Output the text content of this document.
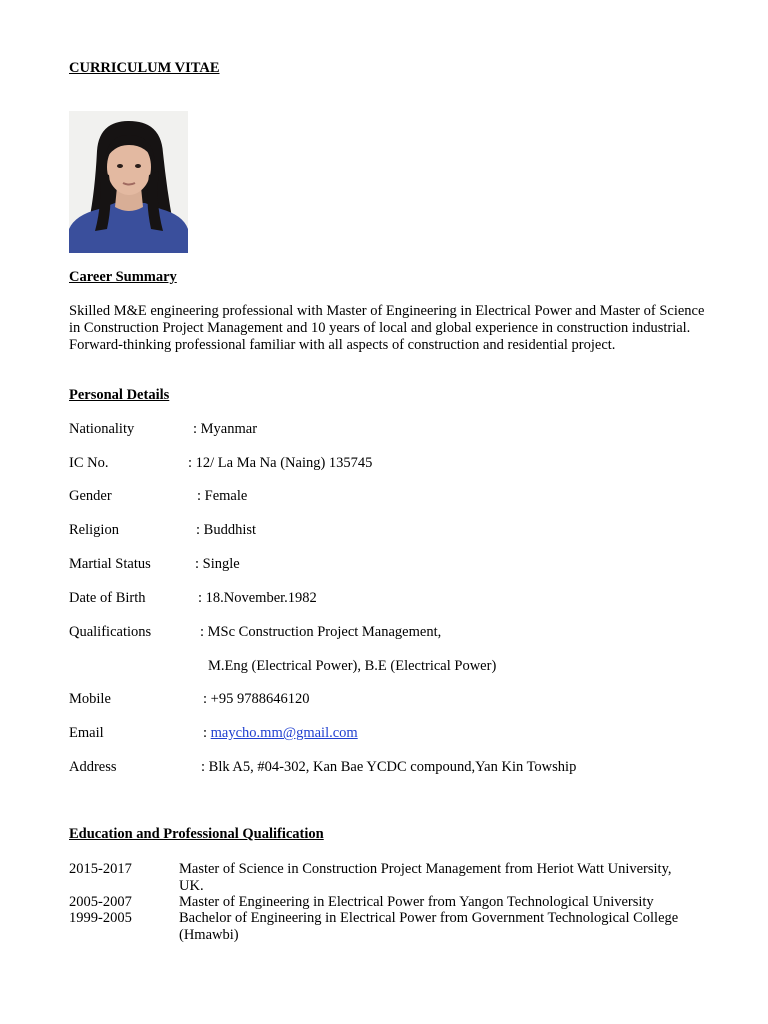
CURRICULUM VITAE
Career Summary
Skilled M&E engineering professional with Master of Engineering in Electrical Power and Master of Science in Construction Project Management and 10 years of local and global experience in construction industrial. Forward-thinking professional familiar with all aspects of construction and residential project.
Personal Details
Nationality	: Myanmar
IC No.	: 12/ La Ma Na (Naing) 135745
Gender	: Female
Religion	: Buddhist
Martial Status	: Single
Date of Birth	: 18.November.1982
Qualifications	: MSc Construction Project Management,
M.Eng (Electrical Power), B.E (Electrical Power)
Mobile	: +95 9788646120
Email	: maycho.mm@gmail.com
Address	: Blk A5, #04-302, Kan Bae YCDC compound,Yan Kin Towship
Education and Professional Qualification
2015-2017	Master of Science in Construction Project Management from Heriot Watt University, UK.
2005-2007	Master of Engineering in Electrical Power from Yangon Technological University
1999-2005	Bachelor of Engineering in Electrical Power from Government Technological College (Hmawbi)
